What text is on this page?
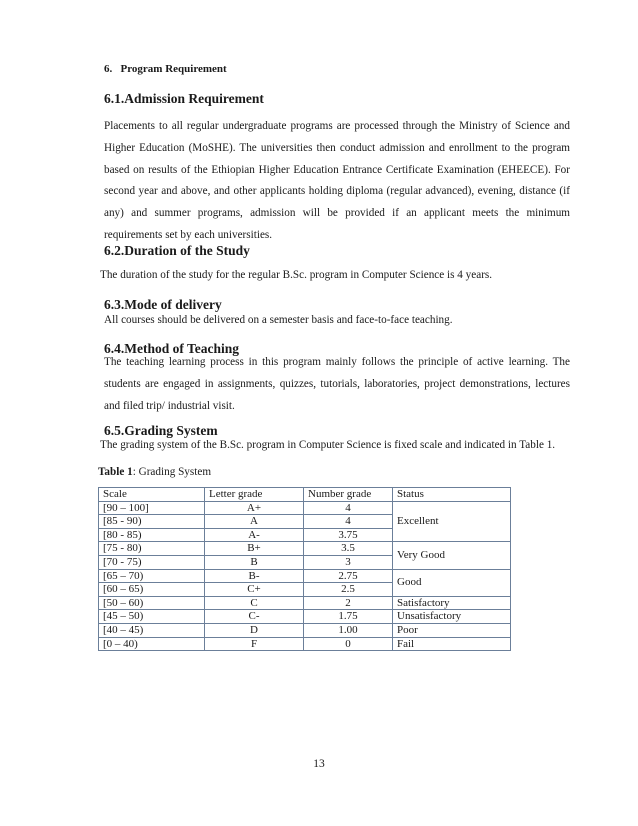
6. Program Requirement
6.1.Admission Requirement
Placements to all regular undergraduate programs are processed through the Ministry of Science and Higher Education (MoSHE). The universities then conduct admission and enrollment to the program based on results of the Ethiopian Higher Education Entrance Certificate Examination (EHEECE). For second year and above, and other applicants holding diploma (regular advanced), evening, distance (if any) and summer programs, admission will be provided if an applicant meets the minimum requirements set by each universities.
6.2.Duration of the Study
The duration of the study for the regular B.Sc. program in Computer Science is 4 years.
6.3.Mode of delivery
All courses should be delivered on a semester basis and face-to-face teaching.
6.4.Method of Teaching
The teaching learning process in this program mainly follows the principle of active learning. The students are engaged in assignments, quizzes, tutorials, laboratories, project demonstrations, lectures and filed trip/ industrial visit.
6.5.Grading System
The grading system of the B.Sc. program in Computer Science is fixed scale and indicated in Table 1.
Table 1: Grading System
Scale	Letter grade	Number grade	Status
[90 – 100]	A+	4	Excellent
[85 - 90)	A	4	
[80 - 85)	A-	3.75	
[75 - 80)	B+	3.5	Very Good
[70 - 75)	B	3	
[65 – 70)	B-	2.75	Good
[60 – 65)	C+	2.5	
[50 – 60)	C	2	Satisfactory
[45 – 50)	C-	1.75	Unsatisfactory
[40 – 45)	D	1.00	Poor
[0 – 40)	F	0	Fail
13
